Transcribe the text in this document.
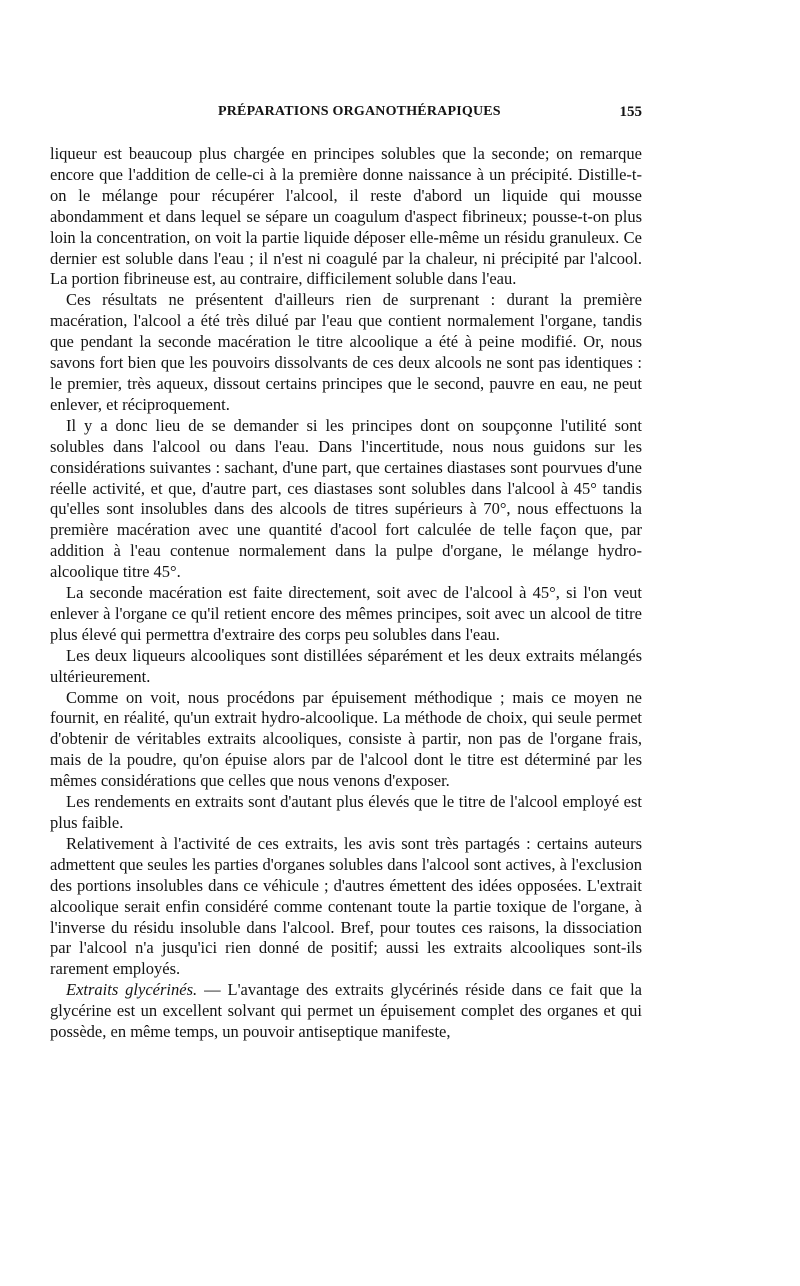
PRÉPARATIONS ORGANOTHÉRAPIQUES	155

liqueur est beaucoup plus chargée en principes solubles que la seconde; on remarque encore que l'addition de celle-ci à la première donne naissance à un précipité. Distille-t-on le mélange pour récupérer l'alcool, il reste d'abord un liquide qui mousse abondamment et dans lequel se sépare un coagulum d'aspect fibrineux; pousse-t-on plus loin la concentration, on voit la partie liquide déposer elle-même un résidu granuleux. Ce dernier est soluble dans l'eau ; il n'est ni coagulé par la chaleur, ni précipité par l'alcool. La portion fibrineuse est, au contraire, difficilement soluble dans l'eau.

Ces résultats ne présentent d'ailleurs rien de surprenant : durant la première macération, l'alcool a été très dilué par l'eau que contient normalement l'organe, tandis que pendant la seconde macération le titre alcoolique a été à peine modifié. Or, nous savons fort bien que les pouvoirs dissolvants de ces deux alcools ne sont pas identiques : le premier, très aqueux, dissout certains principes que le second, pauvre en eau, ne peut enlever, et réciproquement.

Il y a donc lieu de se demander si les principes dont on soupçonne l'utilité sont solubles dans l'alcool ou dans l'eau. Dans l'incertitude, nous nous guidons sur les considérations suivantes : sachant, d'une part, que certaines diastases sont pourvues d'une réelle activité, et que, d'autre part, ces diastases sont solubles dans l'alcool à 45° tandis qu'elles sont insolubles dans des alcools de titres supérieurs à 70°, nous effectuons la première macération avec une quantité d'acool fort calculée de telle façon que, par addition à l'eau contenue normalement dans la pulpe d'organe, le mélange hydro-alcoolique titre 45°.

La seconde macération est faite directement, soit avec de l'alcool à 45°, si l'on veut enlever à l'organe ce qu'il retient encore des mêmes principes, soit avec un alcool de titre plus élevé qui permettra d'extraire des corps peu solubles dans l'eau.

Les deux liqueurs alcooliques sont distillées séparément et les deux extraits mélangés ultérieurement.

Comme on voit, nous procédons par épuisement méthodique ; mais ce moyen ne fournit, en réalité, qu'un extrait hydro-alcoolique. La méthode de choix, qui seule permet d'obtenir de véritables extraits alcooliques, consiste à partir, non pas de l'organe frais, mais de la poudre, qu'on épuise alors par de l'alcool dont le titre est déterminé par les mêmes considérations que celles que nous venons d'exposer.

Les rendements en extraits sont d'autant plus élevés que le titre de l'alcool employé est plus faible.

Relativement à l'activité de ces extraits, les avis sont très partagés : certains auteurs admettent que seules les parties d'organes solubles dans l'alcool sont actives, à l'exclusion des portions insolubles dans ce véhicule ; d'autres émettent des idées opposées. L'extrait alcoolique serait enfin considéré comme contenant toute la partie toxique de l'organe, à l'inverse du résidu insoluble dans l'alcool. Bref, pour toutes ces raisons, la dissociation par l'alcool n'a jusqu'ici rien donné de positif; aussi les extraits alcooliques sont-ils rarement employés.

Extraits glycérinés. — L'avantage des extraits glycérinés réside dans ce fait que la glycérine est un excellent solvant qui permet un épuisement complet des organes et qui possède, en même temps, un pouvoir antiseptique manifeste,
